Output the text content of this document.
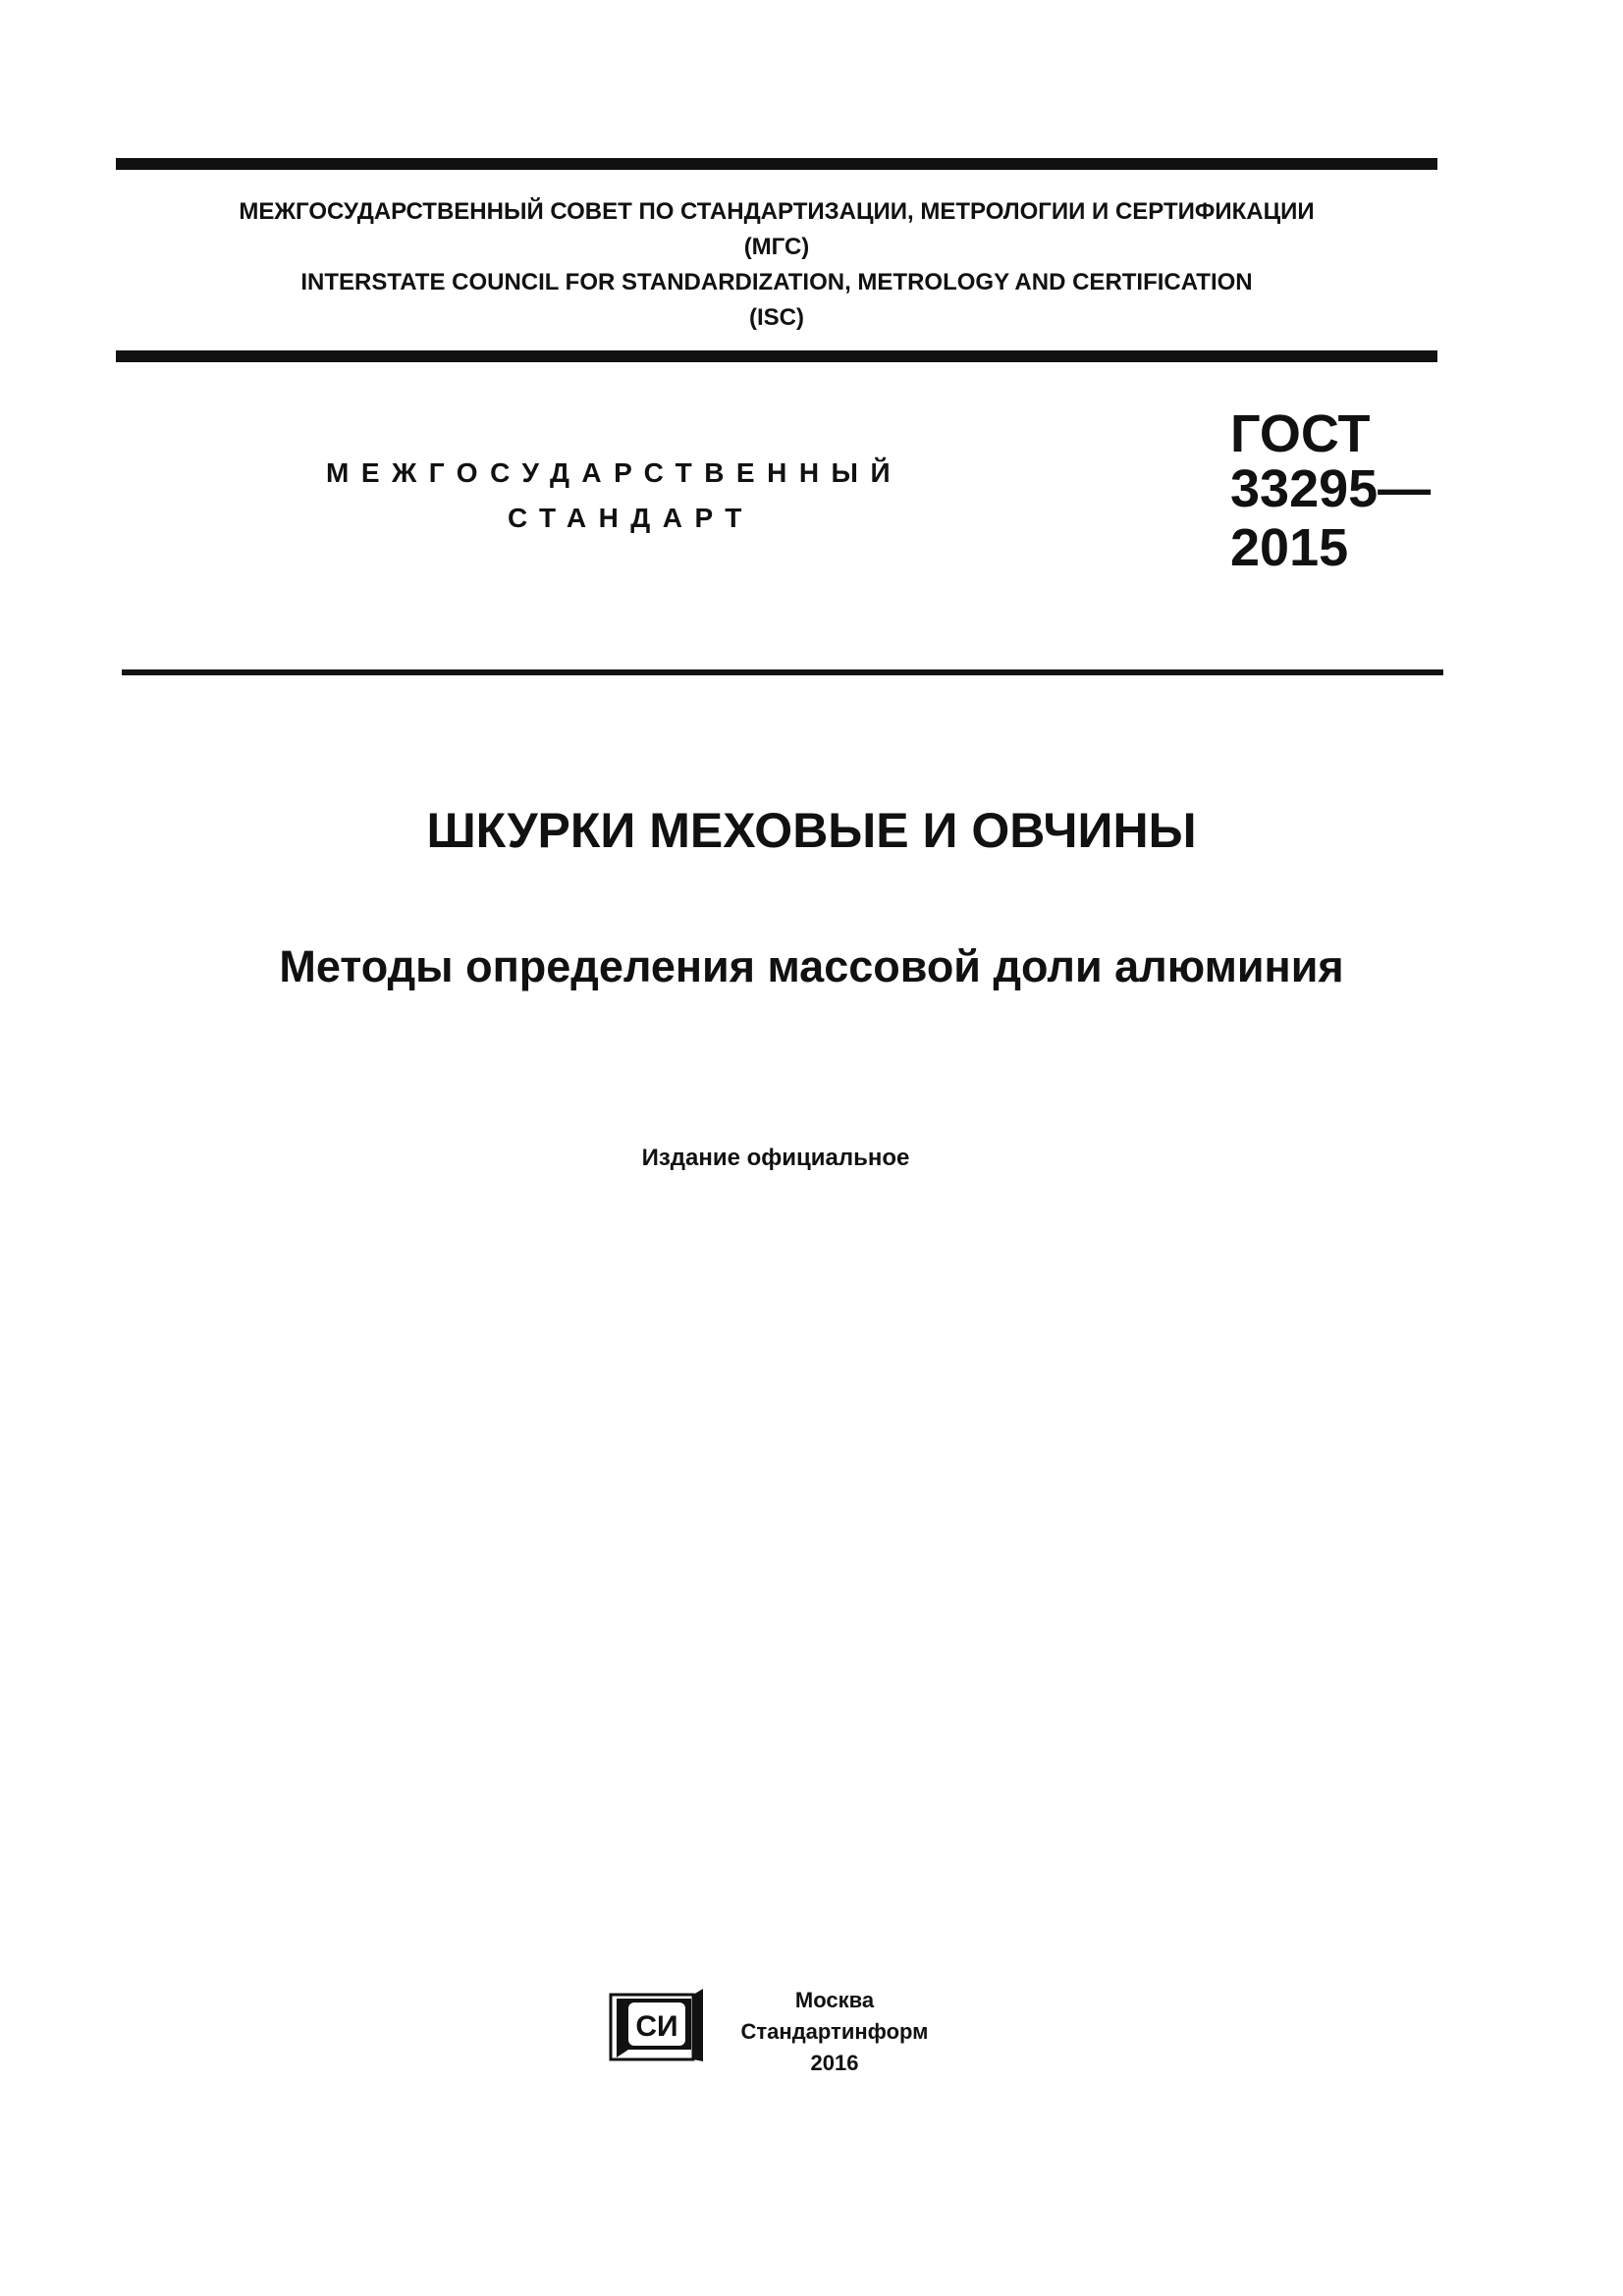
МЕЖГОСУДАРСТВЕННЫЙ СОВЕТ ПО СТАНДАРТИЗАЦИИ, МЕТРОЛОГИИ И СЕРТИФИКАЦИИ
(МГС)
INTERSTATE COUNCIL FOR STANDARDIZATION, METROLOGY AND CERTIFICATION
(ISC)
МЕЖГОСУДАРСТВЕННЫЙ
СТАНДАРТ
ГОСТ
33295—
2015
ШКУРКИ МЕХОВЫЕ И ОВЧИНЫ
Методы определения массовой доли алюминия
Издание официальное
СИ
Москва
Стандартинформ
2016
